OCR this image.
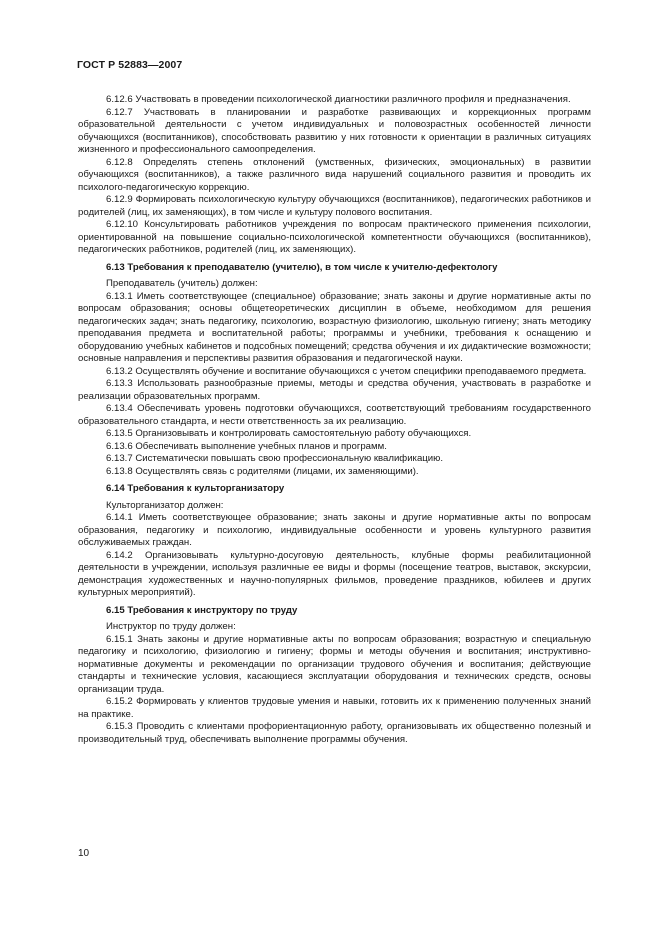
ГОСТ Р 52883—2007

6.12.6 Участвовать в проведении психологической диагностики различного профиля и предназначения.

6.12.7 Участвовать в планировании и разработке развивающих и коррекционных программ образовательной деятельности с учетом индивидуальных и половозрастных особенностей личности обучающихся (воспитанников), способствовать развитию у них готовности к ориентации в различных ситуациях жизненного и профессионального самоопределения.

6.12.8 Определять степень отклонений (умственных, физических, эмоциональных) в развитии обучающихся (воспитанников), а также различного вида нарушений социального развития и проводить их психолого-педагогическую коррекцию.

6.12.9 Формировать психологическую культуру обучающихся (воспитанников), педагогических работников и родителей (лиц, их заменяющих), в том числе и культуру полового воспитания.

6.12.10 Консультировать работников учреждения по вопросам практического применения психологии, ориентированной на повышение социально-психологической компетентности обучающихся (воспитанников), педагогических работников, родителей (лиц, их заменяющих).

6.13 Требования к преподавателю (учителю), в том числе к учителю-дефектологу

Преподаватель (учитель) должен:

6.13.1 Иметь соответствующее (специальное) образование; знать законы и другие нормативные акты по вопросам образования; основы общетеоретических дисциплин в объеме, необходимом для решения педагогических задач; знать педагогику, психологию, возрастную физиологию, школьную гигиену; знать методику преподавания предмета и воспитательной работы; программы и учебники, требования к оснащению и оборудованию учебных кабинетов и подсобных помещений; средства обучения и их дидактические возможности; основные направления и перспективы развития образования и педагогической науки.

6.13.2 Осуществлять обучение и воспитание обучающихся с учетом специфики преподаваемого предмета.

6.13.3 Использовать разнообразные приемы, методы и средства обучения, участвовать в разработке и реализации образовательных программ.

6.13.4 Обеспечивать уровень подготовки обучающихся, соответствующий требованиям государственного образовательного стандарта, и нести ответственность за их реализацию.

6.13.5 Организовывать и контролировать самостоятельную работу обучающихся.

6.13.6 Обеспечивать выполнение учебных планов и программ.

6.13.7 Систематически повышать свою профессиональную квалификацию.

6.13.8 Осуществлять связь с родителями (лицами, их заменяющими).

6.14 Требования к культорганизатору

Культорганизатор должен:

6.14.1 Иметь соответствующее образование; знать законы и другие нормативные акты по вопросам образования, педагогику и психологию, индивидуальные особенности и уровень культурного развития обслуживаемых граждан.

6.14.2 Организовывать культурно-досуговую деятельность, клубные формы реабилитационной деятельности в учреждении, используя различные ее виды и формы (посещение театров, выставок, экскурсии, демонстрация художественных и научно-популярных фильмов, проведение праздников, юбилеев и других культурных мероприятий).

6.15 Требования к инструктору по труду

Инструктор по труду должен:

6.15.1 Знать законы и другие нормативные акты по вопросам образования; возрастную и специальную педагогику и психологию, физиологию и гигиену; формы и методы обучения и воспитания; инструктивно-нормативные документы и рекомендации по организации трудового обучения и воспитания; действующие стандарты и технические условия, касающиеся эксплуатации оборудования и технических средств, основы организации труда.

6.15.2 Формировать у клиентов трудовые умения и навыки, готовить их к применению полученных знаний на практике.

6.15.3 Проводить с клиентами профориентационную работу, организовывать их общественно полезный и производительный труд, обеспечивать выполнение программы обучения.

10
